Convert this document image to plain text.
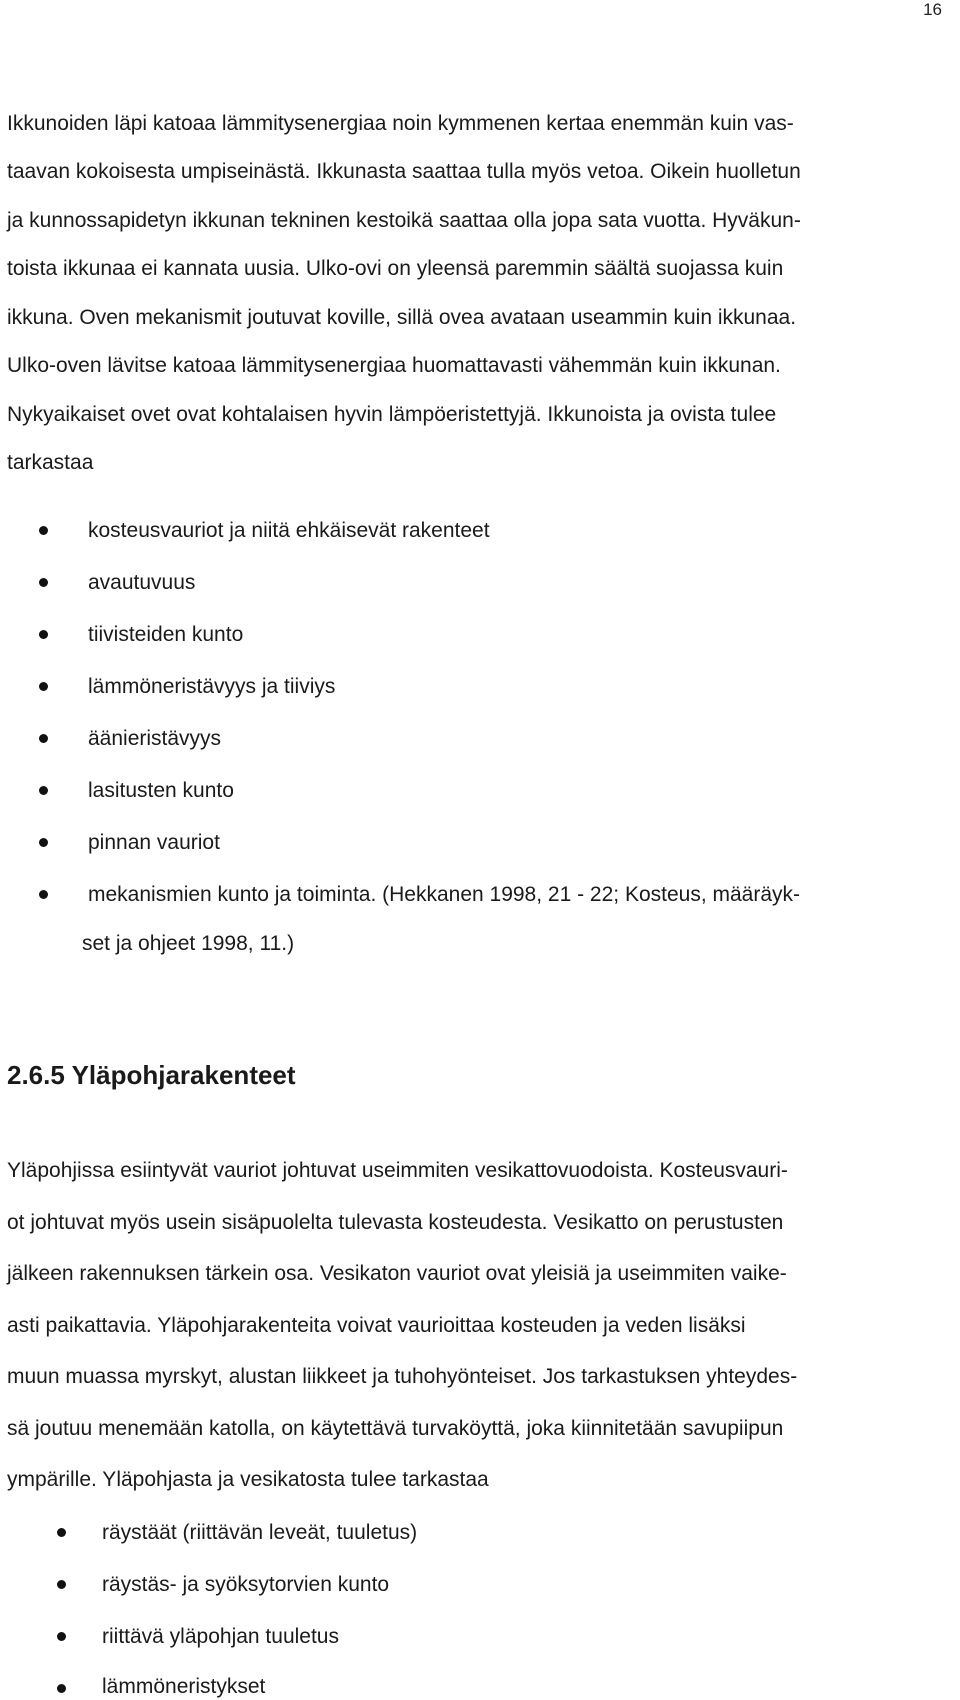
16
Ikkunoiden läpi katoaa lämmitysenergiaa noin kymmenen kertaa enemmän kuin vas-
taavan kokoisesta umpiseinästä. Ikkunasta saattaa tulla myös vetoa. Oikein huolletun
ja kunnossapidetyn ikkunan tekninen kestoikä saattaa olla jopa sata vuotta. Hyväkun-
toista ikkunaa ei kannata uusia. Ulko-ovi on yleensä paremmin säältä suojassa kuin
ikkuna. Oven mekanismit joutuvat koville, sillä ovea avataan useammin kuin ikkunaa.
Ulko-oven lävitse katoaa lämmitysenergiaa huomattavasti vähemmän kuin ikkunan.
Nykyaikaiset ovet ovat kohtalaisen hyvin lämpöeristettyjä. Ikkunoista ja ovista tulee
tarkastaa
kosteusvauriot ja niitä ehkäisevät rakenteet
avautuvuus
tiivisteiden kunto
lämmöneristävyys ja tiiviys
äänieristävyys
lasitusten kunto
pinnan vauriot
mekanismien kunto ja toiminta. (Hekkanen 1998, 21 - 22; Kosteus, määräyk-
set ja ohjeet 1998, 11.)
2.6.5 Yläpohjarakenteet
Yläpohjissa esiintyvät vauriot johtuvat useimmiten vesikattovuodoista. Kosteusvauri-
ot johtuvat myös usein sisäpuolelta tulevasta kosteudesta. Vesikatto on perustusten
jälkeen rakennuksen tärkein osa. Vesikaton vauriot ovat yleisiä ja useimmiten vaike-
asti paikattavia. Yläpohjarakenteita voivat vaurioittaa kosteuden ja veden lisäksi
muun muassa myrskyt, alustan liikkeet ja tuhohyönteiset. Jos tarkastuksen yhteydes-
sä joutuu menemään katolla, on käytettävä turvaköyttä, joka kiinnitetään savupiipun
ympärille. Yläpohjasta ja vesikatosta tulee tarkastaa
räystäät (riittävän leveät, tuuletus)
räystäs- ja syöksytorvien kunto
riittävä yläpohjan tuuletus
lämmöneristykset
